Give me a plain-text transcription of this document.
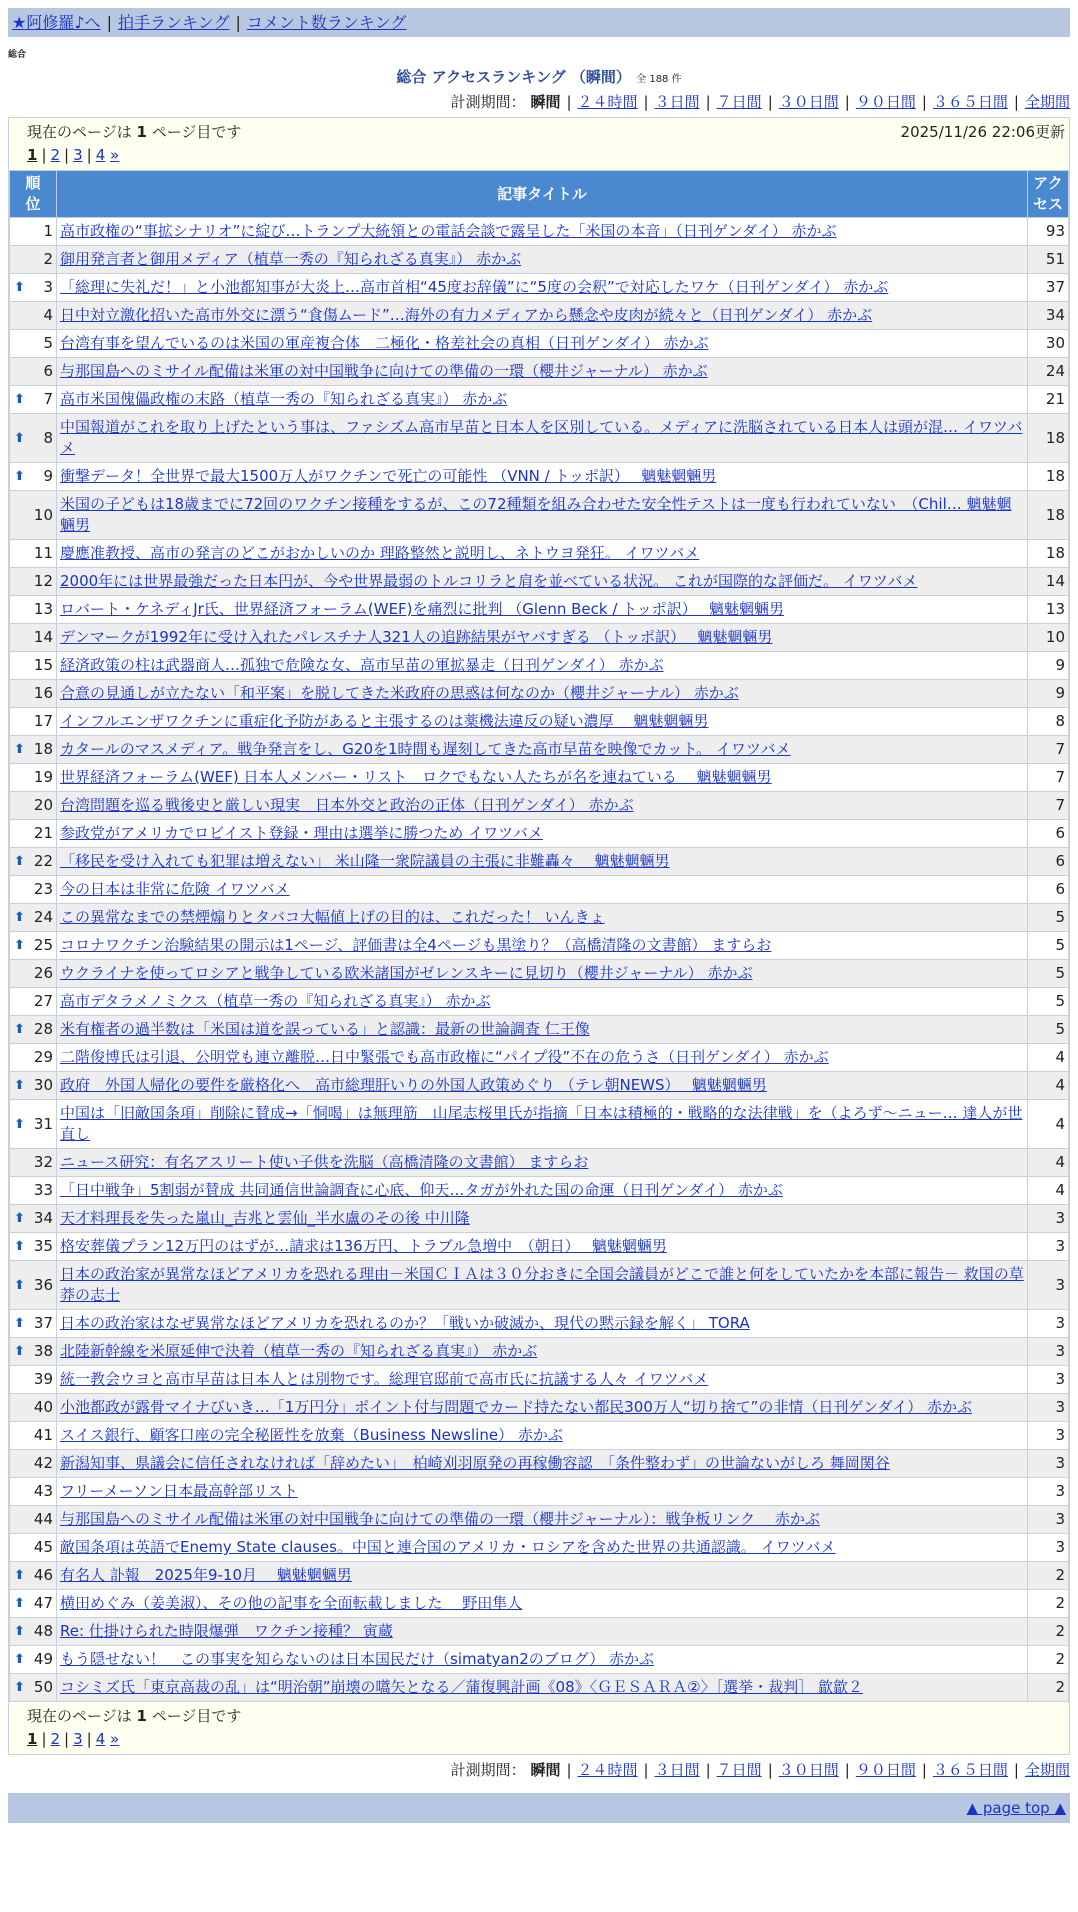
★阿修羅♪へ | 拍手ランキング | コメント数ランキング
総合
総合 アクセスランキング （瞬間） 全 188 件
計測期間： 瞬間 | ２４時間 | ３日間 | ７日間 | ３０日間 | ９０日間 | ３６５日間 | 全期間
現在のページは 1 ページ目です	2025/11/26 22:06更新
1 | 2 | 3 | 4 »
順位	記事タイトル	アクセス
1	高市政権の“事拡シナリオ”に綻び…トランプ大統領との電話会談で露呈した「米国の本音」（日刊ゲンダイ） 赤かぶ	93
2	御用発言者と御用メディア（植草一秀の『知られざる真実』） 赤かぶ	51

⬆ 3	「総理に失礼だ！」と小池都知事が大炎上…高市首相“45度お辞儀”に“5度の会釈”で対応したワケ（日刊ゲンダイ） 赤かぶ	37
4	日中対立激化招いた高市外交に漂う“食傷ムード”…海外の有力メディアから懸念や皮肉が続々と（日刊ゲンダイ） 赤かぶ	34
5	台湾有事を望んでいるのは米国の軍産複合体　二極化・格差社会の真相（日刊ゲンダイ） 赤かぶ	30
6	与那国島へのミサイル配備は米軍の対中国戦争に向けての準備の一環（櫻井ジャーナル） 赤かぶ	24

⬆ 7	高市米国傀儡政権の末路（植草一秀の『知られざる真実』） 赤かぶ	21

⬆ 8	中国報道がこれを取り上げたという事は、ファシズム高市早苗と日本人を区別している。メディアに洗脳されている日本人は頭が混… イワツバメ	18

⬆ 9	衝撃データ！全世界で最大1500万人がワクチンで死亡の可能性 （VNN / トッポ訳）　 魑魅魍魎男	18
10	米国の子どもは18歳までに72回のワクチン接種をするが、この72種類を組み合わせた安全性テストは一度も行われていない　（Chil… 魑魅魍魎男	18
11	慶應准教授、高市の発言のどこがおかしいのか 理路整然と説明し、ネトウヨ発狂。 イワツバメ	18
12	2000年には世界最強だった日本円が、今や世界最弱のトルコリラと肩を並べている状況。 これが国際的な評価だ。 イワツバメ	14
13	ロバート・ケネディJr氏、世界経済フォーラム(WEF)を痛烈に批判 （Glenn Beck / トッポ訳）　 魑魅魍魎男	13
14	デンマークが1992年に受け入れたパレスチナ人321人の追跡結果がヤバすぎる （トッポ訳）　 魑魅魍魎男	10
15	経済政策の柱は武器商人…孤独で危険な女、高市早苗の軍拡暴走（日刊ゲンダイ） 赤かぶ	9
16	合意の見通しが立たない「和平案」を脱してきた米政府の思惑は何なのか（櫻井ジャーナル） 赤かぶ	9
17	インフルエンザワクチンに重症化予防があると主張するのは薬機法違反の疑い濃厚　 魑魅魍魎男	8

⬆ 18	カタールのマスメディア。戦争発言をし、G20を1時間も遅刻してきた高市早苗を映像でカット。 イワツバメ	7
19	世界経済フォーラム(WEF) 日本人メンバー・リスト　ロクでもない人たちが名を連ねている　 魑魅魍魎男	7
20	台湾問題を巡る戦後史と厳しい現実　日本外交と政治の正体（日刊ゲンダイ） 赤かぶ	7
21	参政党がアメリカでロビイスト登録・理由は選挙に勝つため イワツバメ	6

⬆ 22	「移民を受け入れても犯罪は増えない」 米山隆一衆院議員の主張に非難轟々　 魑魅魍魎男	6
23	今の日本は非常に危険 イワツバメ	6

⬆ 24	この異常なまでの禁煙煽りとタバコ大幅値上げの目的は、これだった！ いんきょ	5

⬆ 25	コロナワクチン治験結果の開示は1ページ、評価書は全4ページも黒塗り？（高橋清隆の文書館） ますらお	5
26	ウクライナを使ってロシアと戦争している欧米諸国がゼレンスキーに見切り（櫻井ジャーナル） 赤かぶ	5
27	高市デタラメノミクス（植草一秀の『知られざる真実』） 赤かぶ	5

⬆ 28	米有権者の過半数は「米国は道を誤っている」と認識：最新の世論調査 仁王像	5
29	二階俊博氏は引退、公明党も連立離脱…日中緊張でも高市政権に“パイプ役”不在の危うさ（日刊ゲンダイ） 赤かぶ	4

⬆ 30	政府　外国人帰化の要件を厳格化へ　高市総理肝いりの外国人政策めぐり （テレ朝NEWS）　 魑魅魍魎男	4

⬆ 31	中国は「旧敵国条項」削除に賛成→「恫喝」は無理筋　山尾志桜里氏が指摘「日本は積極的・戦略的な法律戦」を（よろず～ニュー… 達人が世直し	4
32	ニュース研究：有名アスリート使い子供を洗脳（高橋清隆の文書館） ますらお	4
33	「日中戦争」5割弱が賛成 共同通信世論調査に心底、仰天…タガが外れた国の命運（日刊ゲンダイ） 赤かぶ	4

⬆ 34	天才料理長を失った嵐山_吉兆と雲仙_半水盧のその後 中川隆	3

⬆ 35	格安葬儀プラン12万円のはずが…請求は136万円、トラブル急増中　（朝日）　 魑魅魍魎男	3

⬆ 36	日本の政治家が異常なほどアメリカを恐れる理由－米国ＣＩＡは３０分おきに全国会議員がどこで誰と何をしていたかを本部に報告－ 救国の草莽の志士	3

⬆ 37	日本の政治家はなぜ異常なほどアメリカを恐れるのか？「戦いか破滅か、現代の黙示録を解く」 TORA	3

⬆ 38	北陸新幹線を米原延伸で決着（植草一秀の『知られざる真実』） 赤かぶ	3
39	統一教会ウヨと高市早苗は日本人とは別物です。総理官邸前で高市氏に抗議する人々 イワツバメ	3
40	小池都政が露骨マイナびいき…「1万円分」ポイント付与問題でカード持たない都民300万人“切り捨て”の非情（日刊ゲンダイ） 赤かぶ	3
41	スイス銀行、顧客口座の完全秘匿性を放棄（Business Newsline） 赤かぶ	3
42	新潟知事、県議会に信任されなければ「辞めたい」　柏崎刈羽原発の再稼働容認　「条件整わず」の世論ないがしろ 舞岡関谷	3
43	フリーメーソン日本最高幹部リスト	3
44	与那国島へのミサイル配備は米軍の対中国戦争に向けての準備の一環（櫻井ジャーナル）：戦争板リンク　 赤かぶ	3
45	敵国条項は英語でEnemy State clauses。中国と連合国のアメリカ・ロシアを含めた世界の共通認識。 イワツバメ	3

⬆ 46	有名人 訃報　2025年9-10月　 魑魅魍魎男	2

⬆ 47	横田めぐみ（姜美淑）、その他の記事を全面転載しました　 野田隼人	2

⬆ 48	Re: 仕掛けられた時限爆弾　ワクチン接種？ 寅蔵	2

⬆ 49	もう隠せない！　この事実を知らないのは日本国民だけ（simatyan2のブログ） 赤かぶ	2

⬆ 50	コシミズ氏「東京高裁の乱」は“明治朝”崩壊の嚆矢となる／蒲復興計画《08》〈ＧＥＳＡＲＡ②〉［選挙・裁判］ 歙歙２	2
現在のページは 1 ページ目です
1 | 2 | 3 | 4 »
計測期間： 瞬間 | ２４時間 | ３日間 | ７日間 | ３０日間 | ９０日間 | ３６５日間 | 全期間
▲ page top ▲
